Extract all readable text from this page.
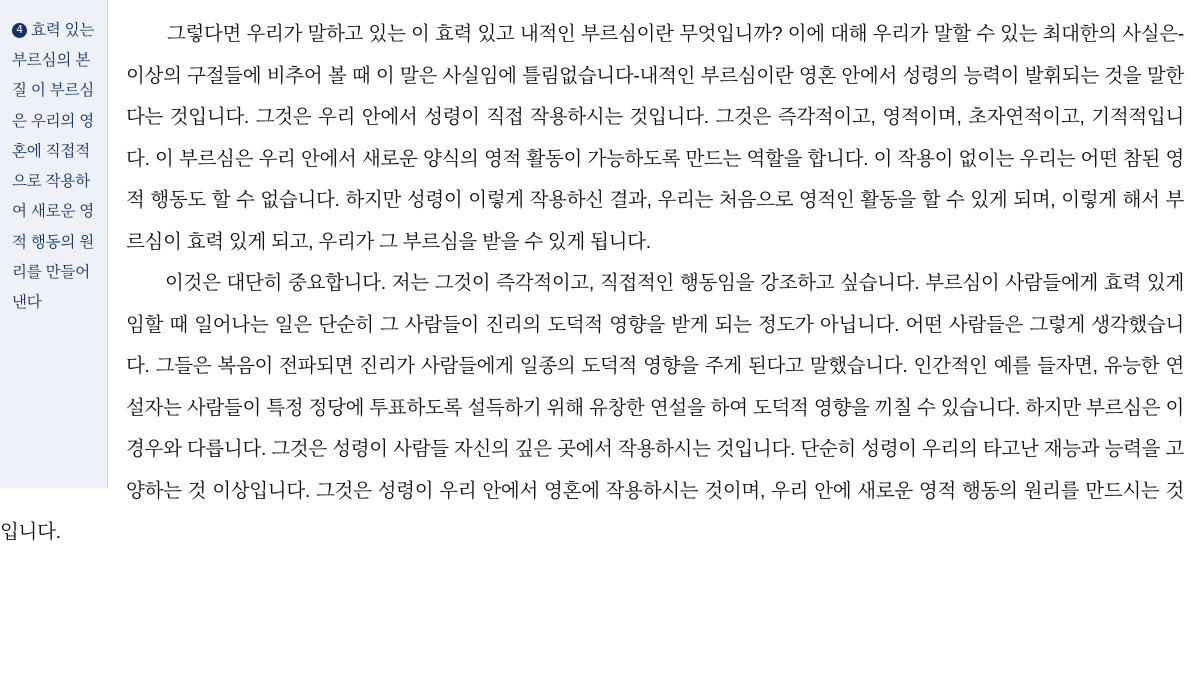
그렇다면 우리가 말하고 있는 이 효력 있고 내적인 부르심이란 무엇입니까? 이에 대해 우리가 말할 수 있는 최대한의 사실은-이상의 구절들에 비추어 볼 때 이 말은 사실임에 틀림없습니다-내적인 부르심이란 영혼 안에서 성령의 능력이 발휘되는 것을 말한다는 것입니다. 그것은 우리 안에서 성령이 직접 작용하시는 것입니다. 그것은 즉각적이고, 영적이며, 초자연적이고, 기적적입니다. 이 부르심은 우리 안에서 새로운 양식의 영적 활동이 가능하도록 만드는 역할을 합니다. 이 작용이 없이는 우리는 어떤 참된 영적 행동도 할 수 없습니다. 하지만 성령이 이렇게 작용하신 결과, 우리는 처음으로 영적인 활동을 할 수 있게 되며, 이렇게 해서 부르심이 효력 있게 되고, 우리가 그 부르심을 받을 수 있게 됩니다.

이것은 대단히 중요합니다. 저는 그것이 즉각적이고, 직접적인 행동임을 강조하고 싶습니다. 부르심이 사람들에게 효력 있게 임할 때 일어나는 일은 단순히 그 사람들이 진리의 도덕적 영향을 받게 되는 정도가 아닙니다. 어떤 사람들은 그렇게 생각했습니다. 그들은 복음이 전파되면 진리가 사람들에게 일종의 도덕적 영향을 주게 된다고 말했습니다. 인간적인 예를 들자면, 유능한 연설자는 사람들이 특정 정당에 투표하도록 설득하기 위해 유창한 연설을 하여 도덕적 영향을 끼칠 수 있습니다. 하지만 부르심은 이 경우와 다릅니다. 그것은 성령이 사람들 자신의 깊은 곳에서 작용하시는 것입니다. 단순히 성령이 우리의 타고난 재능과 능력을 고양하는 것 이상입니다. 그것은 성령이 우리 안에서 영혼에 작용하시는 것이며, 우리 안에 새로운 영적 행동의 원리를 만드시는 것입니다.

4 효력 있는 부르심의 본질 이 부르심은 우리의 영혼에 직접적으로 작용하여 새로운 영적 행동의 원리를 만들어 낸다
